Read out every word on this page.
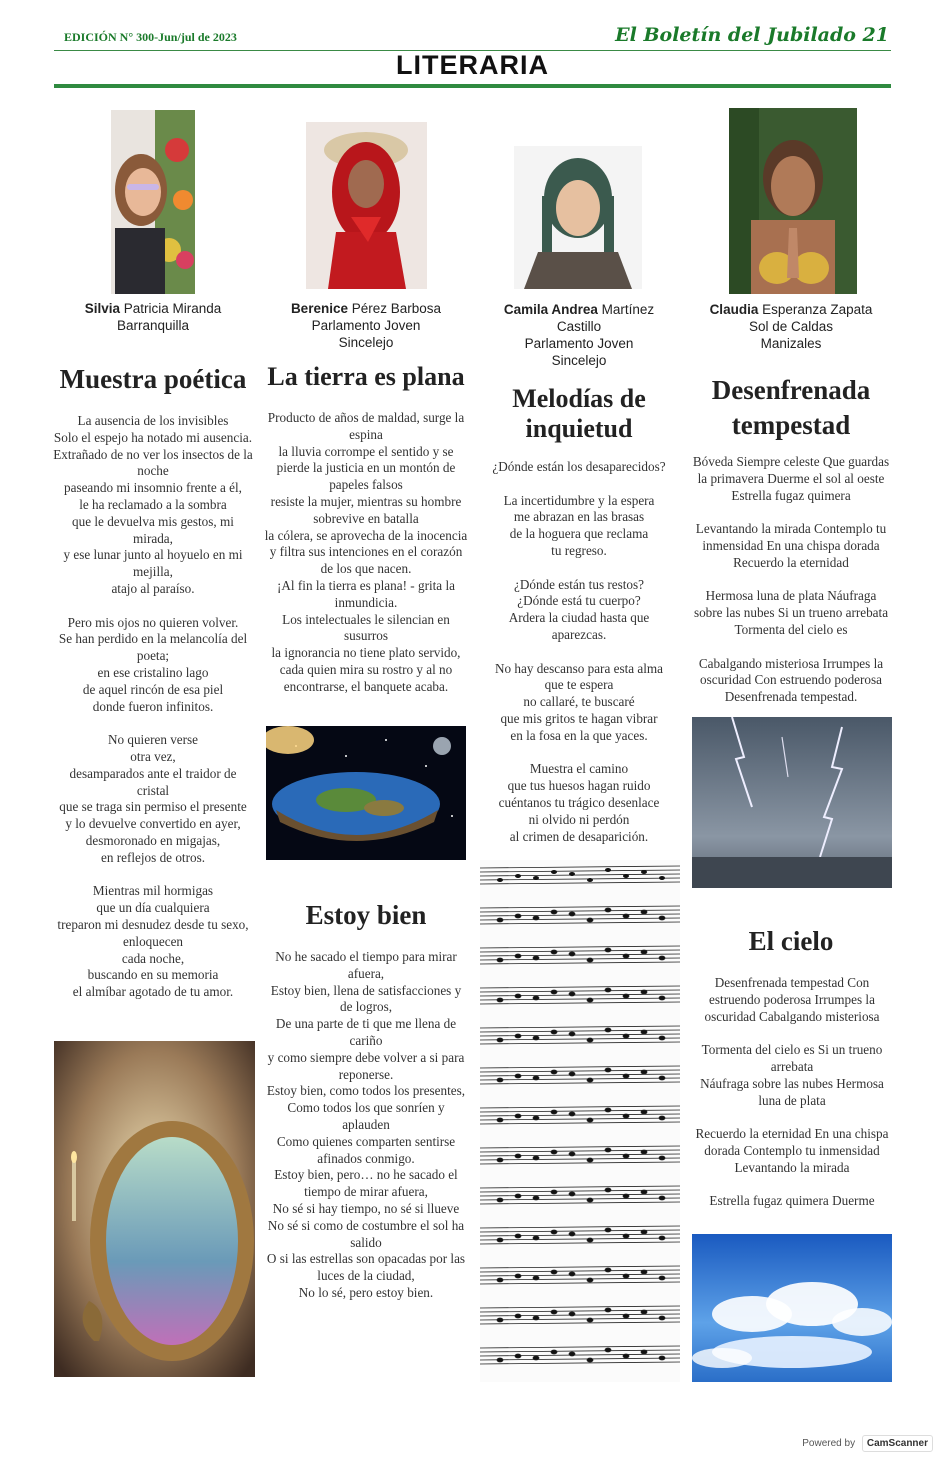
EDICIÓN N° 300-Jun/jul de 2023	El Boletín del Jubilado 21
LITERARIA
Silvia Patricia Miranda
Barranquilla
Berenice Pérez Barbosa
Parlamento Joven
Sincelejo
Camila Andrea Martínez
Castillo
Parlamento Joven
Sincelejo
Claudia Esperanza Zapata
Sol de Caldas
Manizales
Muestra poética
La ausencia de los invisibles
Solo el espejo ha notado mi ausencia.
Extrañado de no ver los insectos de la noche
paseando mi insomnio frente a él,
le ha reclamado a la sombra
que le devuelva mis gestos, mi mirada,
y ese lunar junto al hoyuelo en mi mejilla,
atajo al paraíso.

Pero mis ojos no quieren volver.
Se han perdido en la melancolía del poeta;
en ese cristalino lago
de aquel rincón de esa piel
donde fueron infinitos.

No quieren verse
otra vez,
desamparados ante el traidor de cristal
que se traga sin permiso el presente
y lo devuelve convertido en ayer,
desmoronado en migajas,
en reflejos de otros.

Mientras mil hormigas
que un día cualquiera
treparon mi desnudez desde tu sexo,
enloquecen
cada noche,
buscando en su memoria
el almíbar agotado de tu amor.
La tierra es plana
Producto de años de maldad, surge la espina
la lluvia corrompe el sentido y se pierde la justicia en un montón de papeles falsos
resiste la mujer, mientras su hombre sobrevive en batalla
la cólera, se aprovecha de la inocencia y filtra sus intenciones en el corazón de los que nacen.
¡Al fin la tierra es plana! - grita la inmundicia.
Los intelectuales le silencian en susurros
la ignorancia no tiene plato servido,
cada quien mira su rostro y al no encontrarse, el banquete acaba.
Estoy bien
No he sacado el tiempo para mirar afuera,
Estoy bien, llena de satisfacciones y de logros,
De una parte de ti que me llena de cariño
y como siempre debe volver a si para reponerse.
Estoy bien, como todos los presentes,
Como todos los que sonríen y aplauden
Como quienes comparten sentirse afinados conmigo.
Estoy bien, pero… no he sacado el tiempo de mirar afuera,
No sé si hay tiempo, no sé si llueve
No sé si como de costumbre el sol ha salido
O si las estrellas son opacadas por las luces de la ciudad,
No lo sé, pero estoy bien.
Melodías de inquietud
¿Dónde están los desaparecidos?

La incertidumbre y la espera
me abrazan en las brasas
de la hoguera que reclama
tu regreso.

¿Dónde están tus restos?
¿Dónde está tu cuerpo?
Ardera la ciudad hasta que aparezcas.

No hay descanso para esta alma
que te espera
no callaré, te buscaré
que mis gritos te hagan vibrar
en la fosa en la que yaces.

Muestra el camino
que tus huesos hagan ruido
cuéntanos tu trágico desenlace
ni olvido ni perdón
al crimen de desaparición.
Desenfrenada tempestad
Bóveda Siempre celeste Que guardas la primavera Duerme el sol al oeste Estrella fugaz quimera

Levantando la mirada Contemplo tu inmensidad En una chispa dorada Recuerdo la eternidad

Hermosa luna de plata Náufraga sobre las nubes Si un trueno arrebata Tormenta del cielo es

Cabalgando misteriosa Irrumpes la oscuridad Con estruendo poderosa Desenfrenada tempestad.
El cielo
Desenfrenada tempestad Con estruendo poderosa Irrumpes la oscuridad Cabalgando misteriosa

Tormenta del cielo es Si un trueno arrebata
Náufraga sobre las nubes Hermosa luna de plata

Recuerdo la eternidad En una chispa dorada Contemplo tu inmensidad Levantando la mirada

Estrella fugaz quimera Duerme
Powered by CamScanner
